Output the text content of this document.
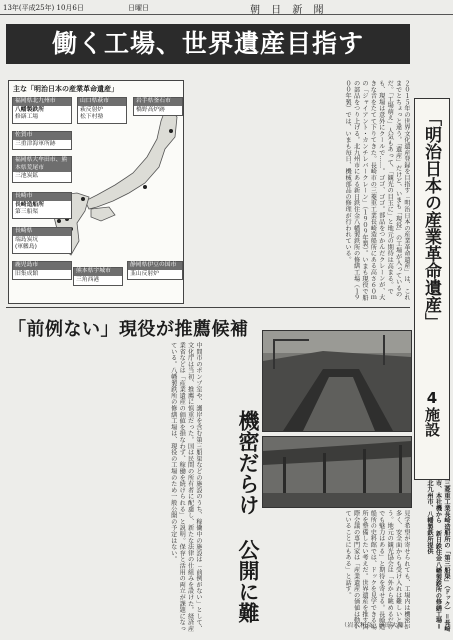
13年(平成25年) 10月6日	日曜日	朝 日 新 聞
働く工場、世界遺産目指す
「明治日本の産業革命遺産」
4施設
主な「明治日本の産業革命遺産」
福岡県北九州市
八幡製鉄所
修繕工場
佐賀市
三重津海軍所跡
福岡県大牟田市、熊本県荒尾市
三池炭鉱
長崎市
長崎造船所
第三船渠
長崎県
端島炭坑
(軍艦島)
鹿児島市
旧集成館
山口県萩市
萩反射炉
松下村塾
岩手県釜石市
橋野高炉跡
熊本県宇城市
三角西港
静岡県伊豆の国市
韮山反射炉	２０１５年の世界文化遺産登録を目指す「明治日本の産業革命遺産」は、これまでとちょっと違う。「遺産」だけど、いまも「現役」の工場が入っているのだ。「工場萌え」人気もあって、「観光の目玉に」と地元の期待は高まる。でも、現場は意外にクールで……。ゴゴ、ゴゴ。部品をつかんだクレーンが、大きな音をたてて下りてきた。長崎市の三菱重工業長崎造船所にある高さ６０ｍの「ジャイアント・カンチレバークレーン」（１９０９年製）。いまも現役で船の部品をつり上げる。北九州市にある新日鉄住金八幡製鉄所の修繕工場（１９００年製）では、いまも毎日、機械部品の修理が行われている。
「前例ない」現役が推薦候補
中間市のポンプ室や、護岸を含む第三船渠などの施設のうち、稼働中の施設は「前例がない」として、文化庁は当初、推薦に慎重だった。国は民間の所有者に配慮し、新たな法律の仕組みを設けた。経済産業省などは「産業遺産の価値を損なわず、稼働を続けられる」と説明。保存と活用の両立が課題になっている。八幡製鉄所の修繕工場は、現役の工場のため一般公開の予定はない。	機密だらけ 公開に難	見学希望が寄せられても、工場内は機密が多く、安全面からも受け入れは難しいという。地元の観光協会は「外から眺めるだけでも魅力はある」と期待を寄せる。長崎造船所の史料館では、ドックを見学できる場所を整備したい考えだ。世界遺産を推す国際会議の専門家は「産業遺産の価値は動いていることにもある」と話す。	三菱重工業長崎造船所の「第三船渠」（ドック）＝長崎市、本社機から 新日鉄住金八幡製鉄所の修繕工場＝北九州市、八幡製鉄所提供
（岩永利奈、前田大輔）
